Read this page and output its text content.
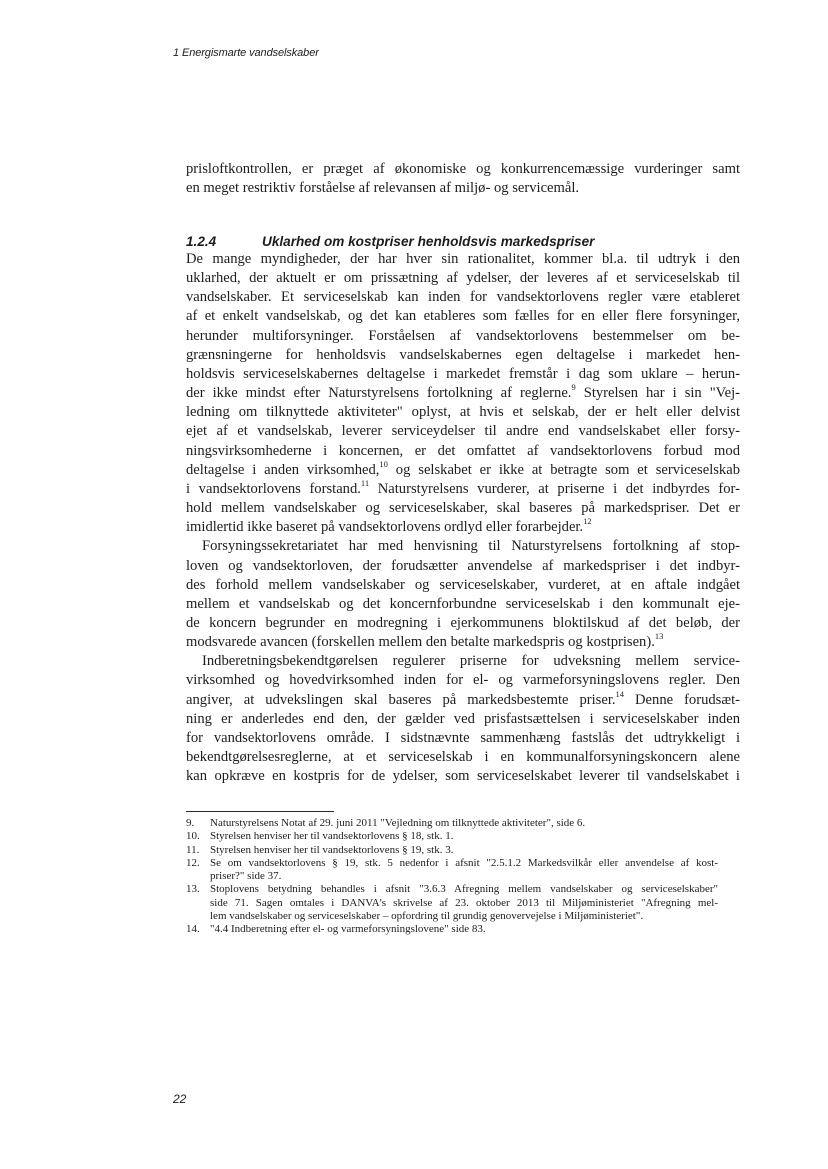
1 Energismarte vandselskaber
prisloftkontrollen, er præget af økonomiske og konkurrencemæssige vurderinger samt
en meget restriktiv forståelse af relevansen af miljø- og servicemål.
1.2.4	Uklarhed om kostpriser henholdsvis markedspriser
De mange myndigheder, der har hver sin rationalitet, kommer bl.a. til udtryk i den
uklarhed, der aktuelt er om prissætning af ydelser, der leveres af et serviceselskab til
vandselskaber. Et serviceselskab kan inden for vandsektorlovens regler være etableret
af et enkelt vandselskab, og det kan etableres som fælles for en eller flere forsyninger,
herunder multiforsyninger. Forståelsen af vandsektorlovens bestemmelser om be-
grænsningerne for henholdsvis vandselskabernes egen deltagelse i markedet hen-
holdsvis serviceselskabernes deltagelse i markedet fremstår i dag som uklare – herun-
der ikke mindst efter Naturstyrelsens fortolkning af reglerne.$^9$ Styrelsen har i sin "Vej-
ledning om tilknyttede aktiviteter" oplyst, at hvis et selskab, der er helt eller delvist
ejet af et vandselskab, leverer serviceydelser til andre end vandselskabet eller forsy-
ningsvirksomhederne i koncernen, er det omfattet af vandsektorlovens forbud mod
deltagelse i anden virksomhed,$^{10}$ og selskabet er ikke at betragte som et serviceselskab
i vandsektorlovens forstand.$^{11}$ Naturstyrelsens vurderer, at priserne i det indbyrdes for-
hold mellem vandselskaber og serviceselskaber, skal baseres på markedspriser. Det er
imidlertid ikke baseret på vandsektorlovens ordlyd eller forarbejder.$^{12}$
Forsyningssekretariatet har med henvisning til Naturstyrelsens fortolkning af stop-
loven og vandsektorloven, der forudsætter anvendelse af markedspriser i det indbyr-
des forhold mellem vandselskaber og serviceselskaber, vurderet, at en aftale indgået
mellem et vandselskab og det koncernforbundne serviceselskab i den kommunalt eje-
de koncern begrunder en modregning i ejerkommunens bloktilskud af det beløb, der
modsvarede avancen (forskellen mellem den betalte markedspris og kostprisen).$^{13}$
Indberetningsbekendtgørelsen regulerer priserne for udveksning mellem service-
virksomhed og hovedvirksomhed inden for el- og varmeforsyningslovens regler. Den
angiver, at udvekslingen skal baseres på markedsbestemte priser.$^{14}$ Denne forudsæt-
ning er anderledes end den, der gælder ved prisfastsættelsen i serviceselskaber inden
for vandsektorlovens område. I sidstnævnte sammenhæng fastslås det udtrykkeligt i
bekendtgørelsesreglerne, at et serviceselskab i en kommunalforsyningskoncern alene
kan opkræve en kostpris for de ydelser, som serviceselskabet leverer til vandselskabet i
9.	Naturstyrelsens Notat af 29. juni 2011 "Vejledning om tilknyttede aktiviteter", side 6.
10. Styrelsen henviser her til vandsektorlovens § 18, stk. 1.
11. Styrelsen henviser her til vandsektorlovens § 19, stk. 3.
12. Se om vandsektorlovens § 19, stk. 5 nedenfor i afsnit "2.5.1.2 Markedsvilkår eller anvendelse af kost-
priser?" side 37.
13. Stoplovens betydning behandles i afsnit "3.6.3 Afregning mellem vandselskaber og serviceselskaber"
side 71. Sagen omtales i DANVA's skrivelse af 23. oktober 2013 til Miljøministeriet "Afregning mel-
lem vandselskaber og serviceselskaber – opfordring til grundig genovervejelse i Miljøministeriet".
14. "4.4 Indberetning efter el- og varmeforsyningslovene" side 83.
22
